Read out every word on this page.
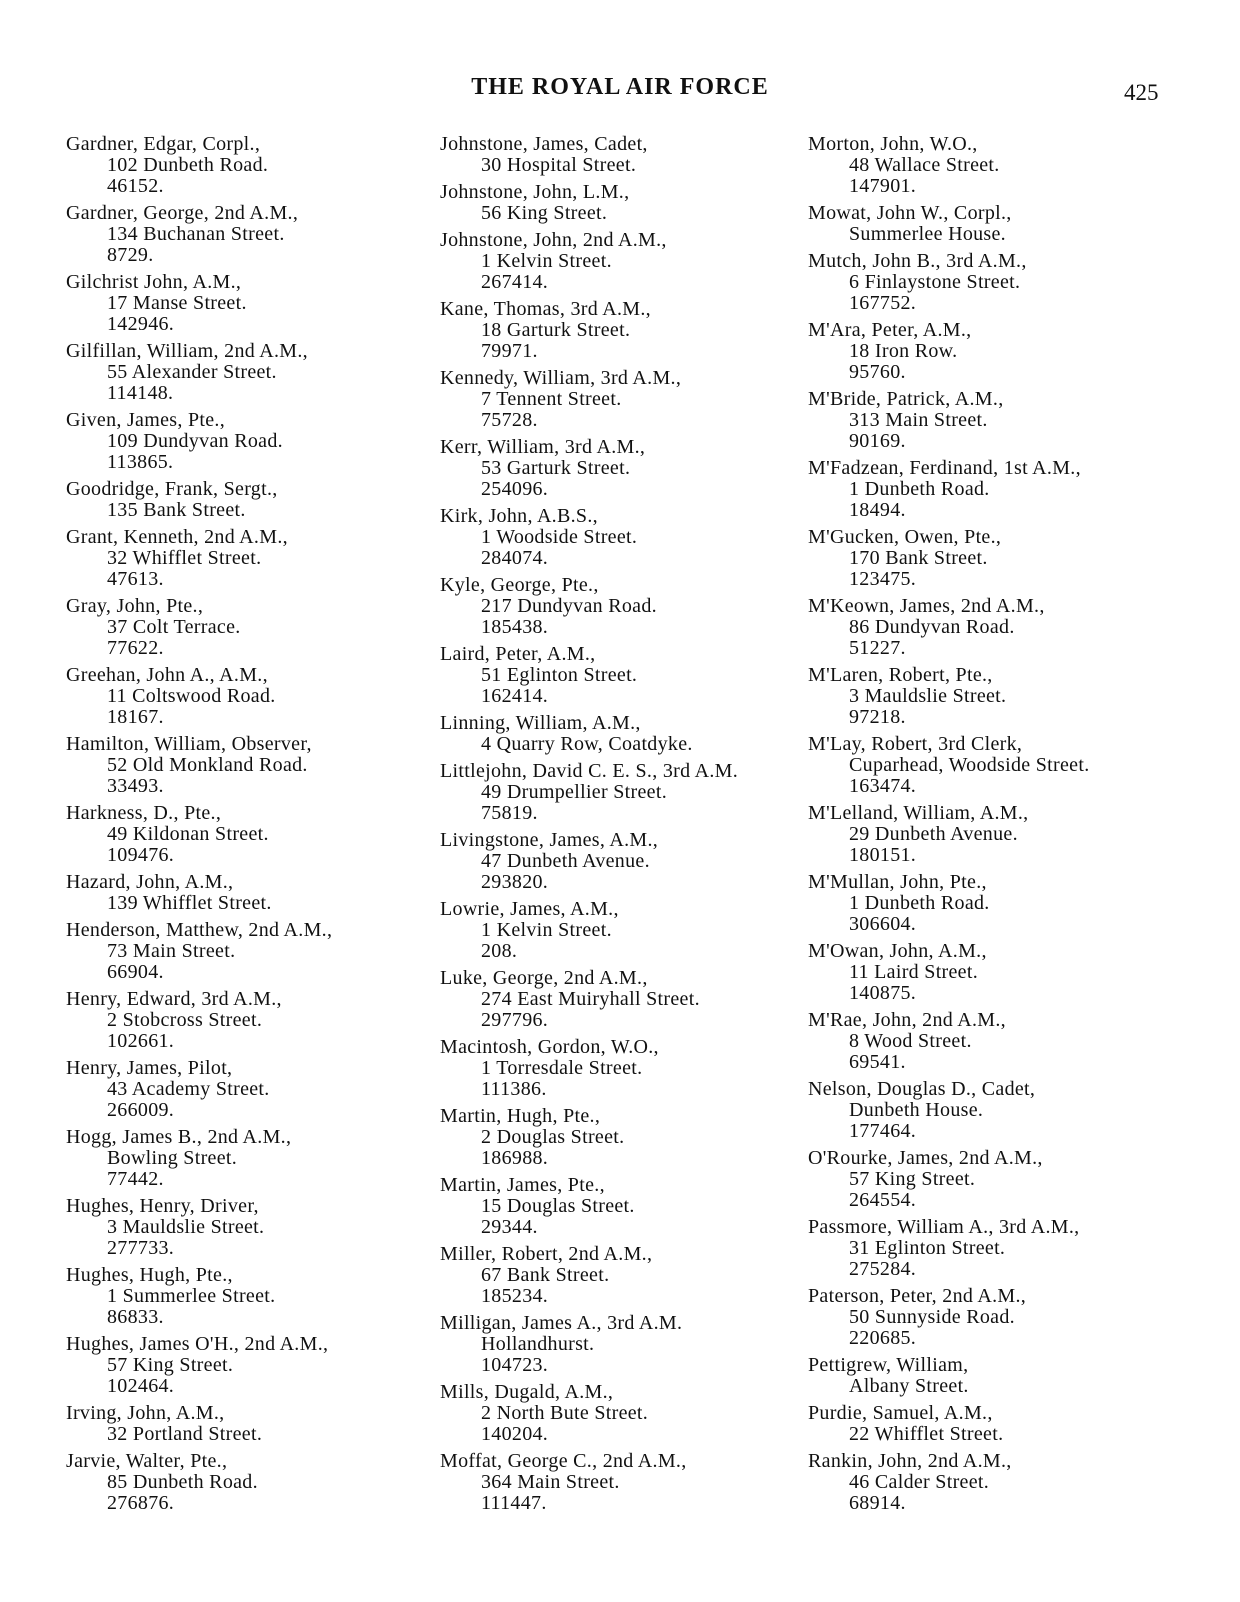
THE ROYAL AIR FORCE	425
Gardner, Edgar, Corpl.,
102 Dunbeth Road.
46152.
Gardner, George, 2nd A.M.,
134 Buchanan Street.
8729.
Gilchrist John, A.M.,
17 Manse Street.
142946.
Gilfillan, William, 2nd A.M.,
55 Alexander Street.
114148.
Given, James, Pte.,
109 Dundyvan Road.
113865.
Goodridge, Frank, Sergt.,
135 Bank Street.
Grant, Kenneth, 2nd A.M.,
32 Whifflet Street.
47613.
Gray, John, Pte.,
37 Colt Terrace.
77622.
Greehan, John A., A.M.,
11 Coltswood Road.
18167.
Hamilton, William, Observer,
52 Old Monkland Road.
33493.
Harkness, D., Pte.,
49 Kildonan Street.
109476.
Hazard, John, A.M.,
139 Whifflet Street.
Henderson, Matthew, 2nd A.M.,
73 Main Street.
66904.
Henry, Edward, 3rd A.M.,
2 Stobcross Street.
102661.
Henry, James, Pilot,
43 Academy Street.
266009.
Hogg, James B., 2nd A.M.,
Bowling Street.
77442.
Hughes, Henry, Driver,
3 Mauldslie Street.
277733.
Hughes, Hugh, Pte.,
1 Summerlee Street.
86833.
Hughes, James O'H., 2nd A.M.,
57 King Street.
102464.
Irving, John, A.M.,
32 Portland Street.
Jarvie, Walter, Pte.,
85 Dunbeth Road.
276876.
Johnstone, James, Cadet,
30 Hospital Street.
Johnstone, John, L.M.,
56 King Street.
Johnstone, John, 2nd A.M.,
1 Kelvin Street.
267414.
Kane, Thomas, 3rd A.M.,
18 Garturk Street.
79971.
Kennedy, William, 3rd A.M.,
7 Tennent Street.
75728.
Kerr, William, 3rd A.M.,
53 Garturk Street.
254096.
Kirk, John, A.B.S.,
1 Woodside Street.
284074.
Kyle, George, Pte.,
217 Dundyvan Road.
185438.
Laird, Peter, A.M.,
51 Eglinton Street.
162414.
Linning, William, A.M.,
4 Quarry Row, Coatdyke.
Littlejohn, David C. E. S., 3rd A.M.
49 Drumpellier Street.
75819.
Livingstone, James, A.M.,
47 Dunbeth Avenue.
293820.
Lowrie, James, A.M.,
1 Kelvin Street.
208.
Luke, George, 2nd A.M.,
274 East Muiryhall Street.
297796.
Macintosh, Gordon, W.O.,
1 Torresdale Street.
111386.
Martin, Hugh, Pte.,
2 Douglas Street.
186988.
Martin, James, Pte.,
15 Douglas Street.
29344.
Miller, Robert, 2nd A.M.,
67 Bank Street.
185234.
Milligan, James A., 3rd A.M.
Hollandhurst.
104723.
Mills, Dugald, A.M.,
2 North Bute Street.
140204.
Moffat, George C., 2nd A.M.,
364 Main Street.
111447.
Morton, John, W.O.,
48 Wallace Street.
147901.
Mowat, John W., Corpl.,
Summerlee House.
Mutch, John B., 3rd A.M.,
6 Finlaystone Street.
167752.
M'Ara, Peter, A.M.,
18 Iron Row.
95760.
M'Bride, Patrick, A.M.,
313 Main Street.
90169.
M'Fadzean, Ferdinand, 1st A.M.,
1 Dunbeth Road.
18494.
M'Gucken, Owen, Pte.,
170 Bank Street.
123475.
M'Keown, James, 2nd A.M.,
86 Dundyvan Road.
51227.
M'Laren, Robert, Pte.,
3 Mauldslie Street.
97218.
M'Lay, Robert, 3rd Clerk,
Cuparhead, Woodside Street.
163474.
M'Lelland, William, A.M.,
29 Dunbeth Avenue.
180151.
M'Mullan, John, Pte.,
1 Dunbeth Road.
306604.
M'Owan, John, A.M.,
11 Laird Street.
140875.
M'Rae, John, 2nd A.M.,
8 Wood Street.
69541.
Nelson, Douglas D., Cadet,
Dunbeth House.
177464.
O'Rourke, James, 2nd A.M.,
57 King Street.
264554.
Passmore, William A., 3rd A.M.,
31 Eglinton Street.
275284.
Paterson, Peter, 2nd A.M.,
50 Sunnyside Road.
220685.
Pettigrew, William,
Albany Street.
Purdie, Samuel, A.M.,
22 Whifflet Street.
Rankin, John, 2nd A.M.,
46 Calder Street.
68914.
